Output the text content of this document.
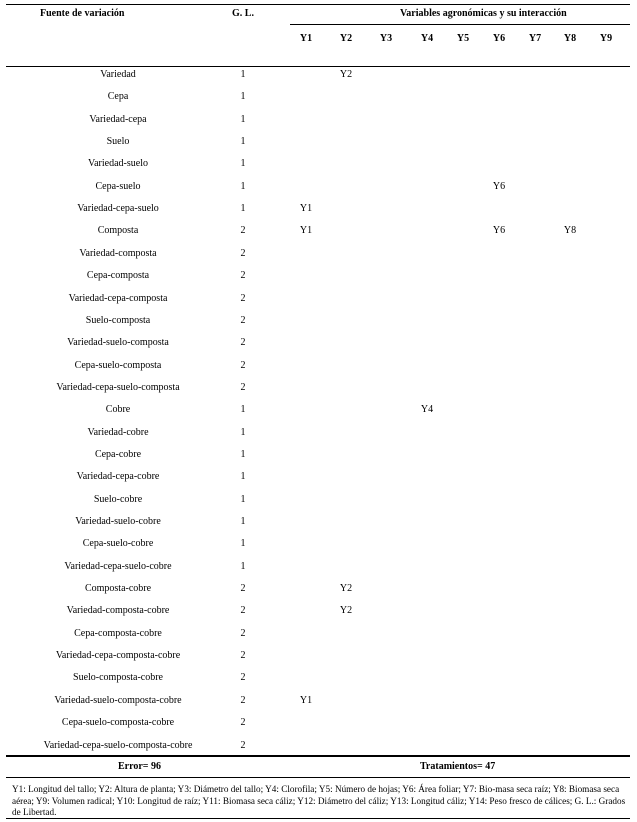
Fuente de variación	G. L.	Variables agronómicas y su interacción
Y1	Y2	Y3	Y4 Y5 Y6 Y7 Y8 Y9
Variedad	1	Y2
Cepa	1
Variedad-cepa	1
Suelo	1
Variedad-suelo	1
Cepa-suelo	1	Y6
Variedad-cepa-suelo	1	Y1
Composta	2	Y1	Y6	Y8
Variedad-composta	2
Cepa-composta	2
Variedad-cepa-composta	2
Suelo-composta	2
Variedad-suelo-composta	2
Cepa-suelo-composta	2
Variedad-cepa-suelo-composta	2
Cobre	1	Y4
Variedad-cobre	1
Cepa-cobre	1
Variedad-cepa-cobre	1
Suelo-cobre	1
Variedad-suelo-cobre	1
Cepa-suelo-cobre	1
Variedad-cepa-suelo-cobre	1
Composta-cobre	2	Y2
Variedad-composta-cobre	2	Y2
Cepa-composta-cobre	2
Variedad-cepa-composta-cobre	2
Suelo-composta-cobre	2
Variedad-suelo-composta-cobre	2	Y1
Cepa-suelo-composta-cobre	2
Variedad-cepa-suelo-composta-cobre	2
Error= 96	Tratamientos= 47
Y1: Longitud del tallo; Y2: Altura de planta; Y3: Diámetro del tallo; Y4: Clorofila; Y5: Número de hojas; Y6: Área foliar; Y7: Bio-masa seca raíz; Y8: Biomasa seca aérea; Y9: Volumen radical; Y10: Longitud de raíz; Y11: Biomasa seca cáliz; Y12: Diámetro del cáliz; Y13: Longitud cáliz; Y14: Peso fresco de cálices; G. L.: Grados de Libertad.
